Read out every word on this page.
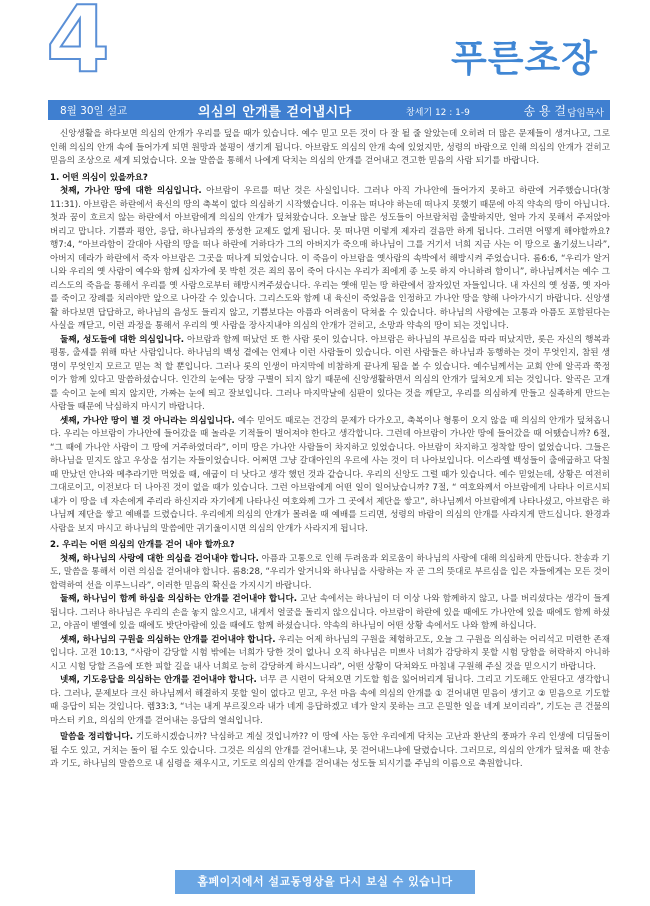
4	푸른초장
8월 30일 설교	의심의 안개를 걷어냅시다	창세기 12 : 1-9	송 용 걸 담임목사

신앙생활을 하다보면 의심의 안개가 우리를 덮을 때가 있습니다. 예수 믿고 모든 것이 다 잘 될 줄 알았는데 오히려 더 많은 문제들이 생겨나고, 그로 인해 의심의 안개 속에 들어가게 되면 원망과 불평이 생기게 됩니다. 아브람도 의심의 안개 속에 있었지만, 성령의 바람으로 인해 의심의 안개가 걷히고 믿음의 조상으로 세게 되었습니다. 오늘 말씀을 통해서 나에게 닥치는 의심의 안개를 걷어내고 견고한 믿음의 사람 되기를 바랍니다.

1. 어떤 의심이 있을까요?

첫째, 가나안 땅에 대한 의심입니다. 아브람이 우르를 떠난 것은 사실입니다. 그러나 아직 가나안에 들어가지 못하고 하란에 거주했습니다(창11:31). 아브람은 하란에서 육신의 땅의 축복이 없다 의심하기 시작했습니다. 이유는 떠나야 하는데 떠나지 못했기 때문에 아직 약속의 땅이 아닙니다. 첫과 꿈이 흐르지 않는 하란에서 아브람에게 의심의 안개가 덮쳐왔습니다. 오늘날 많은 성도들이 아브람처럼 출발하지만, 얼마 가지 못해서 주저앉아 버리고 맙니다. 기쁨과 평안, 응답, 하나님과의 풍성한 교제도 없게 됩니다. 못 떠나면 이렇게 제자리 걸음만 하게 됩니다. 그러면 어떻게 해야할까요? 행7:4, “아브라함이 갈대아 사람의 땅을 떠나 하란에 거하다가 그의 아버지가 죽으매 하나님이 그를 거기서 너희 지금 사는 이 땅으로 옮기셨느니라”, 아버지 데라가 하란에서 죽자 아브람은 그곳을 떠나게 되었습니다. 이 죽음이 아브람을 옛사람의 속박에서 해방시켜 주었습니다. 롬6:6, “우리가 알거니와 우리의 옛 사람이 예수와 함께 십자가에 못 박힌 것은 죄의 몸이 죽어 다시는 우리가 죄에게 종 노릇 하지 아니하려 함이니”, 하나님께서는 예수 그리스도의 죽음을 통해서 우리를 옛 사람으로부터 해방시켜주셨습니다. 우리는 옛애 믿는 땅 하란에서 잠자있던 자들입니다. 내 자신의 옛 성품, 옛 자아를 죽이고 장례를 치러야만 앞으로 나아갈 수 있습니다. 그리스도와 함께 내 육신이 죽었음을 인정하고 가나안 땅을 향해 나아가시기 바랍니다. 신앙생활 하다보면 답답하고, 하나님의 음성도 들리지 않고, 기쁨보다는 아픔과 어려움이 닥쳐올 수 있습니다. 하나님의 사랑에는 고통과 아픔도 포함된다는 사실을 깨닫고, 이런 과정을 통해서 우리의 옛 사람을 장사지내야 의심의 안개가 걷히고, 소망과 약속의 땅이 되는 것입니다.

둘째, 성도들에 대한 의심입니다. 아브람과 함께 떠났던 또 한 사람 롯이 있습니다. 아브람은 하나님의 부르심을 따라 떠났지만, 롯은 자신의 행복과 평통, 출세를 위해 따난 사람입니다. 하나님의 백성 곁에는 언제나 이런 사람들이 있습니다. 이런 사람들은 하나님과 동행하는 것이 무엇인지, 참된 생명이 무엇인지 모르고 믿는 척 할 뿐입니다. 그러나 롯의 인생이 마지막에 비참하게 끝나게 됨을 볼 수 있습니다. 예수님께서는 교회 안에 알곡과 쭉정이가 함께 있다고 말씀하셨습니다. 인간의 눈에는 당장 구별이 되지 않기 때문에 신앙생활하면서 의심의 안개가 덮쳐오게 되는 것입니다. 알곡은 고개를 숙이고 눈에 띄지 않지만, 가짜는 눈에 띄고 잘보입니다. 그러나 마지막날에 심판이 있다는 것을 깨닫고, 우리를 의심하게 만들고 실족하게 만드는 사람들 때문에 낙심하지 마시기 바랍니다.

셋째, 가나안 땅이 별 것 아니라는 의심입니다. 예수 믿어도 때로는 건강의 문제가 다가오고, 축복이나 형통이 오지 않을 때 의심의 안개가 덮쳐옵니다. 우리는 아브람이 가나안에 들어갔을 때 놀라운 기적들이 벌어져야 한다고 생각합니다. 그런데 아브람이 가나안 땅에 들어갔을 때 어땠습니까? 6절, “그 때에 가나안 사람이 그 땅에 거주하였더라”, 이미 땅은 가나안 사람들이 차지하고 있었습니다. 아브람이 차지하고 정착할 땅이 없었습니다. 그들은 하나님을 믿지도 않고 우상을 섬기는 자들이었습니다. 어쩌면 그냥 갈대아인의 우르에 사는 것이 더 나아보입니다. 이스라엘 백성들이 출애굽하고 닥칠 때 만났던 안나와 메추라기만 먹었을 때, 애굽이 더 낫다고 생각 했던 것과 같습니다. 우리의 신앙도 그럴 때가 있습니다. 예수 믿었는데, 상황은 여전히 그대로이고, 이전보다 더 나아진 것이 없을 때가 있습니다. 그런 아브람에게 어떤 일이 일어났습니까? 7절, “ 여호와께서 아브람에게 나타나 이르시되 내가 이 땅을 네 자손에게 주리라 하신지라 자기에게 나타나신 여호와께 그가 그 곳에서 제단을 쌓고”, 하나님께서 아브람에게 나타나셨고, 아브람은 하나님께 제단을 쌓고 예배를 드렸습니다. 우리에게 의심의 안개가 몰려올 때 예배를 드리면, 성령의 바람이 의심의 안개를 사라지게 만드십니다. 환경과 사람을 보지 마시고 하나님의 말씀에만 귀기울이시면 의심의 안개가 사라지게 됩니다.

2. 우리는 어떤 의심의 안개를 걷어 내야 할까요?

첫째, 하나님의 사랑에 대한 의심을 걷어내야 합니다. 아픔과 고통으로 인해 두려움과 외로움이 하나님의 사랑에 대해 의심하게 만듭니다. 찬송과 기도, 말씀을 통해서 이런 의심을 걷어내야 합니다. 롬8:28, “우리가 알거니와 하나님을 사랑하는 자 곧 그의 뜻대로 부르심을 입은 자들에게는 모든 것이 합력하여 선을 이루느니라”, 이러한 믿음의 확신을 가지시기 바랍니다.

둘째, 하나님이 함께 하심을 의심하는 안개를 걷어내야 합니다. 고난 속에서는 하나님이 더 이상 나와 함께하지 않고, 나를 버리셨다는 생각이 들게 됩니다. 그러나 하나님은 우리의 손을 놓지 않으시고, 내게서 얼굴을 돌리지 않으십니다. 아브람이 하란에 있을 때에도 가나안에 있을 때에도 함께 하셨고, 야곱이 벧엘에 있을 때에도 밧단아람에 있을 때에도 함께 하셨습니다. 약속의 하나님이 어떤 상황 속에서도 나와 함께 하십니다.

셋째, 하나님의 구원을 의심하는 안개를 걷어내야 합니다. 우리는 어제 하나님의 구원을 체험하고도, 오늘 그 구원을 의심하는 어리석고 미련한 존재입니다. 고전 10:13, “사람이 감당할 시험 밖에는 너희가 당한 것이 없나니 오직 하나님은 미쁘사 너희가 감당하지 못할 시험 당함을 허락하지 아니하시고 시험 당할 즈음에 또한 피할 길을 내사 너희로 능히 감당하게 하시느니라”, 어떤 상황이 닥쳐와도 마침내 구원해 주실 것을 믿으시기 바랍니다.

넷째, 기도응답을 의심하는 안개를 걷어내야 합니다. 너무 큰 시련이 닥쳐오면 기도할 힘을 잃어버리게 됩니다. 그리고 기도해도 안된다고 생각합니다. 그러나, 문제보다 크신 하나님께서 해결하지 못할 일이 없다고 믿고, 우선 마음 속에 의심의 안개를 ① 걷어내면 믿음이 생기고 ② 믿음으로 기도할 때 응답이 되는 것입니다. 렘33:3, “너는 내게 부르짖으라 내가 네게 응답하겠고 네가 알지 못하는 크고 은밀한 일을 네게 보이리라”, 기도는 큰 건물의 마스터 키요, 의심의 안개를 걷어내는 응답의 열쇠입니다.

말씀을 정리합니다. 기도하시겠습니까? 낙심하고 계실 것입니까?? 이 땅에 사는 동안 우리에게 닥치는 고난과 환난의 풍파가 우리 인생에 디딤돌이 될 수도 있고, 거치는 돌이 될 수도 있습니다. 그것은 의심의 안개를 걷어내느냐, 못 걷어내느냐에 달렸습니다. 그러므로, 의심의 안개가 덮쳐올 때 찬송과 기도, 하나님의 말씀으로 내 심령을 채우시고, 기도로 의심의 안개를 걷어내는 성도들 되시기를 주님의 이름으로 축원합니다.

홈페이지에서 설교동영상을 다시 보실 수 있습니다
